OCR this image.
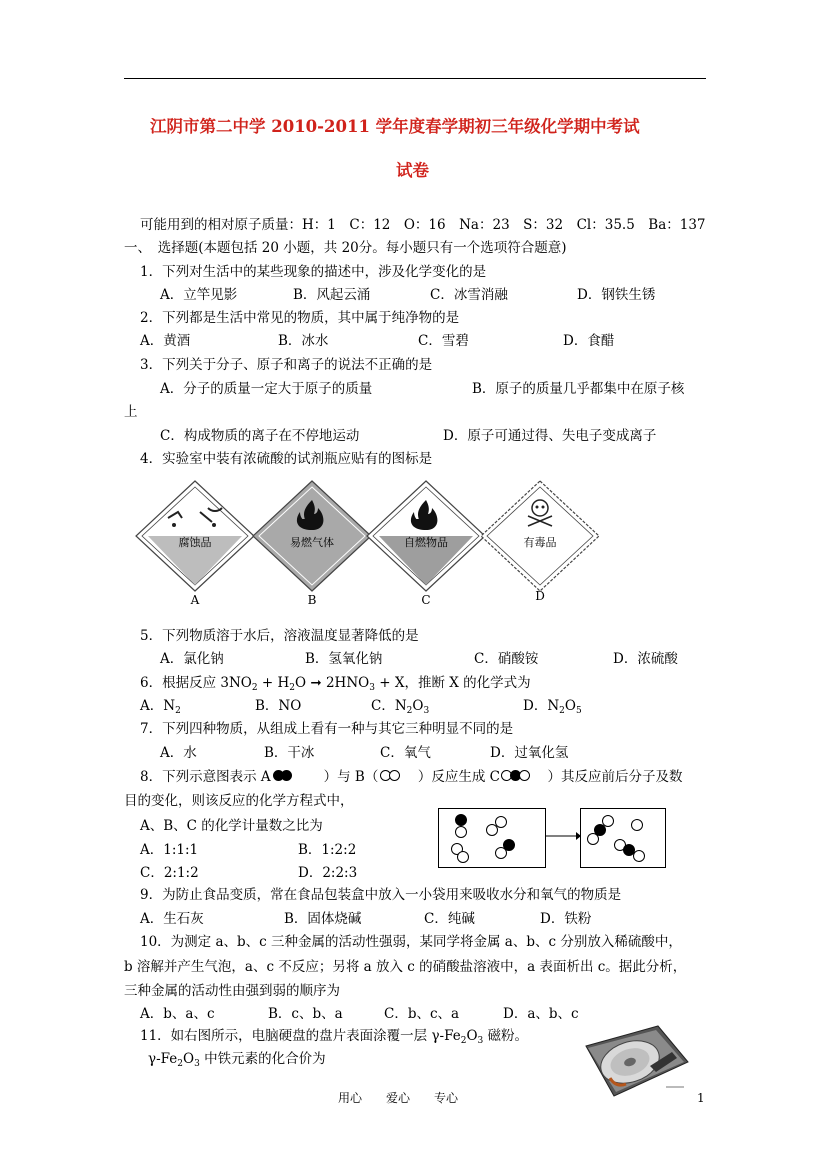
江阴市第二中学 2010-2011 学年度春学期初三年级化学期中考试
试卷
可能用到的相对原子质量：H：1　C：12　O：16　Na：23　S：32　Cl：35.5　Ba：137
一、　选择题(本题包括 20 小题，共 20分。每小题只有一个选项符合题意)
1．下列对生活中的某些现象的描述中，涉及化学变化的是
A．立竿见影	B．风起云涌	C．冰雪消融	D．钢铁生锈
2．下列都是生活中常见的物质，其中属于纯净物的是
A．黄酒	B．冰水	C．雪碧	D．食醋
3．下列关于分子、原子和离子的说法不正确的是
A．分子的质量一定大于原子的质量	B．原子的质量几乎都集中在原子核
上
C．构成物质的离子在不停地运动	D．原子可通过得、失电子变成离子
4．实验室中装有浓硫酸的试剂瓶应贴有的图标是
腐蚀品
A
易燃气体
B
自燃物品
C
有毒品
D
5．下列物质溶于水后，溶液温度显著降低的是
A．氯化钠	B．氢氧化钠	C．硝酸铵	D．浓硫酸
6．根据反应 $3NO_2 + H_2O$ ➞ $2HNO_3 + X$，推断 X 的化学式为
A．$N_2$	B．NO	C．$N_2O_3$	D．$N_2O_5$
7．下列四种物质，从组成上看有一种与其它三种明显不同的是
A．水	B．干冰	C．氧气	D．过氧化氢
8．下列示意图表示 A
　　	）与 B（
　	）反应生成 C
　	）其反应前后分子及数
目的变化，则该反应的化学方程式中，
A、B、C 的化学计量数之比为
A．1:1:1	B．1:2:2
C．2:1:2	D．2:2:3
9．为防止食品变质，常在食品包装盒中放入一小袋用来吸收水分和氧气的物质是
A．生石灰	B．固体烧碱	C．纯碱	D．铁粉
10．为测定 a、b、c 三种金属的活动性强弱，某同学将金属 a、b、c 分别放入稀硫酸中，
b 溶解并产生气泡，a、c 不反应；另将 a 放入 c 的硝酸盐溶液中，a 表面析出 c。据此分析，
三种金属的活动性由强到弱的顺序为
A．b、a、c	B．c、b、a	C．b、c、a	D．a、b、c
11．如右图所示，电脑硬盘的盘片表面涂覆一层 $\gamma-Fe_2O_3$ 磁粉。
$\gamma-Fe_2O_3$ 中铁元素的化合价为
用心　　爱心　　专心	1
